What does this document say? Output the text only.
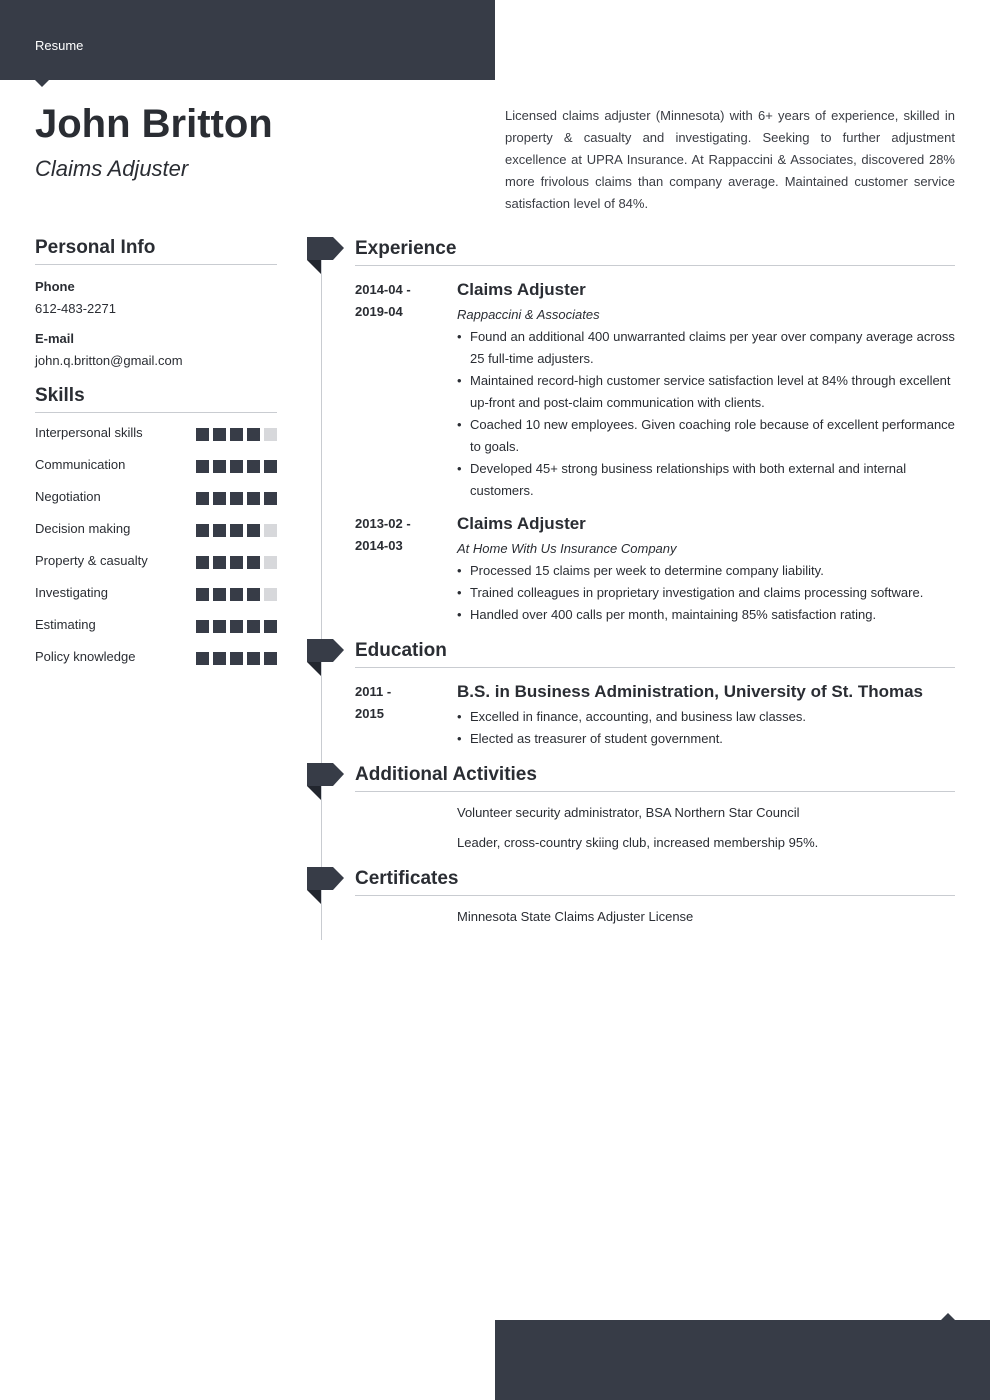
Resume
John Britton
Claims Adjuster

Licensed claims adjuster (Minnesota) with 6+ years of experience, skilled in property & casualty and investigating. Seeking to further adjustment excellence at UPRA Insurance. At Rappaccini & Associates, discovered 28% more frivolous claims than company average. Maintained customer service satisfaction level of 84%.

Personal Info
Phone
612-483-2271
E-mail
john.q.britton@gmail.com
Skills
Interpersonal skills
Communication
Negotiation
Decision making
Property & casualty
Investigating
Estimating
Policy knowledge
Experience
2014-04 -
2019-04
Claims Adjuster
Rappaccini & Associates
• Found an additional 400 unwarranted claims per year over company average across 25 full-time adjusters.
• Maintained record-high customer service satisfaction level at 84% through excellent up-front and post-claim communication with clients.
• Coached 10 new employees. Given coaching role because of excellent performance to goals.
• Developed 45+ strong business relationships with both external and internal customers.
2013-02 -
2014-03
Claims Adjuster
At Home With Us Insurance Company
• Processed 15 claims per week to determine company liability.
• Trained colleagues in proprietary investigation and claims processing software.
• Handled over 400 calls per month, maintaining 85% satisfaction rating.
Education
2011 -
2015
B.S. in Business Administration, University of St. Thomas
• Excelled in finance, accounting, and business law classes.
• Elected as treasurer of student government.
Additional Activities
Volunteer security administrator, BSA Northern Star Council
Leader, cross-country skiing club, increased membership 95%.
Certificates
Minnesota State Claims Adjuster License
